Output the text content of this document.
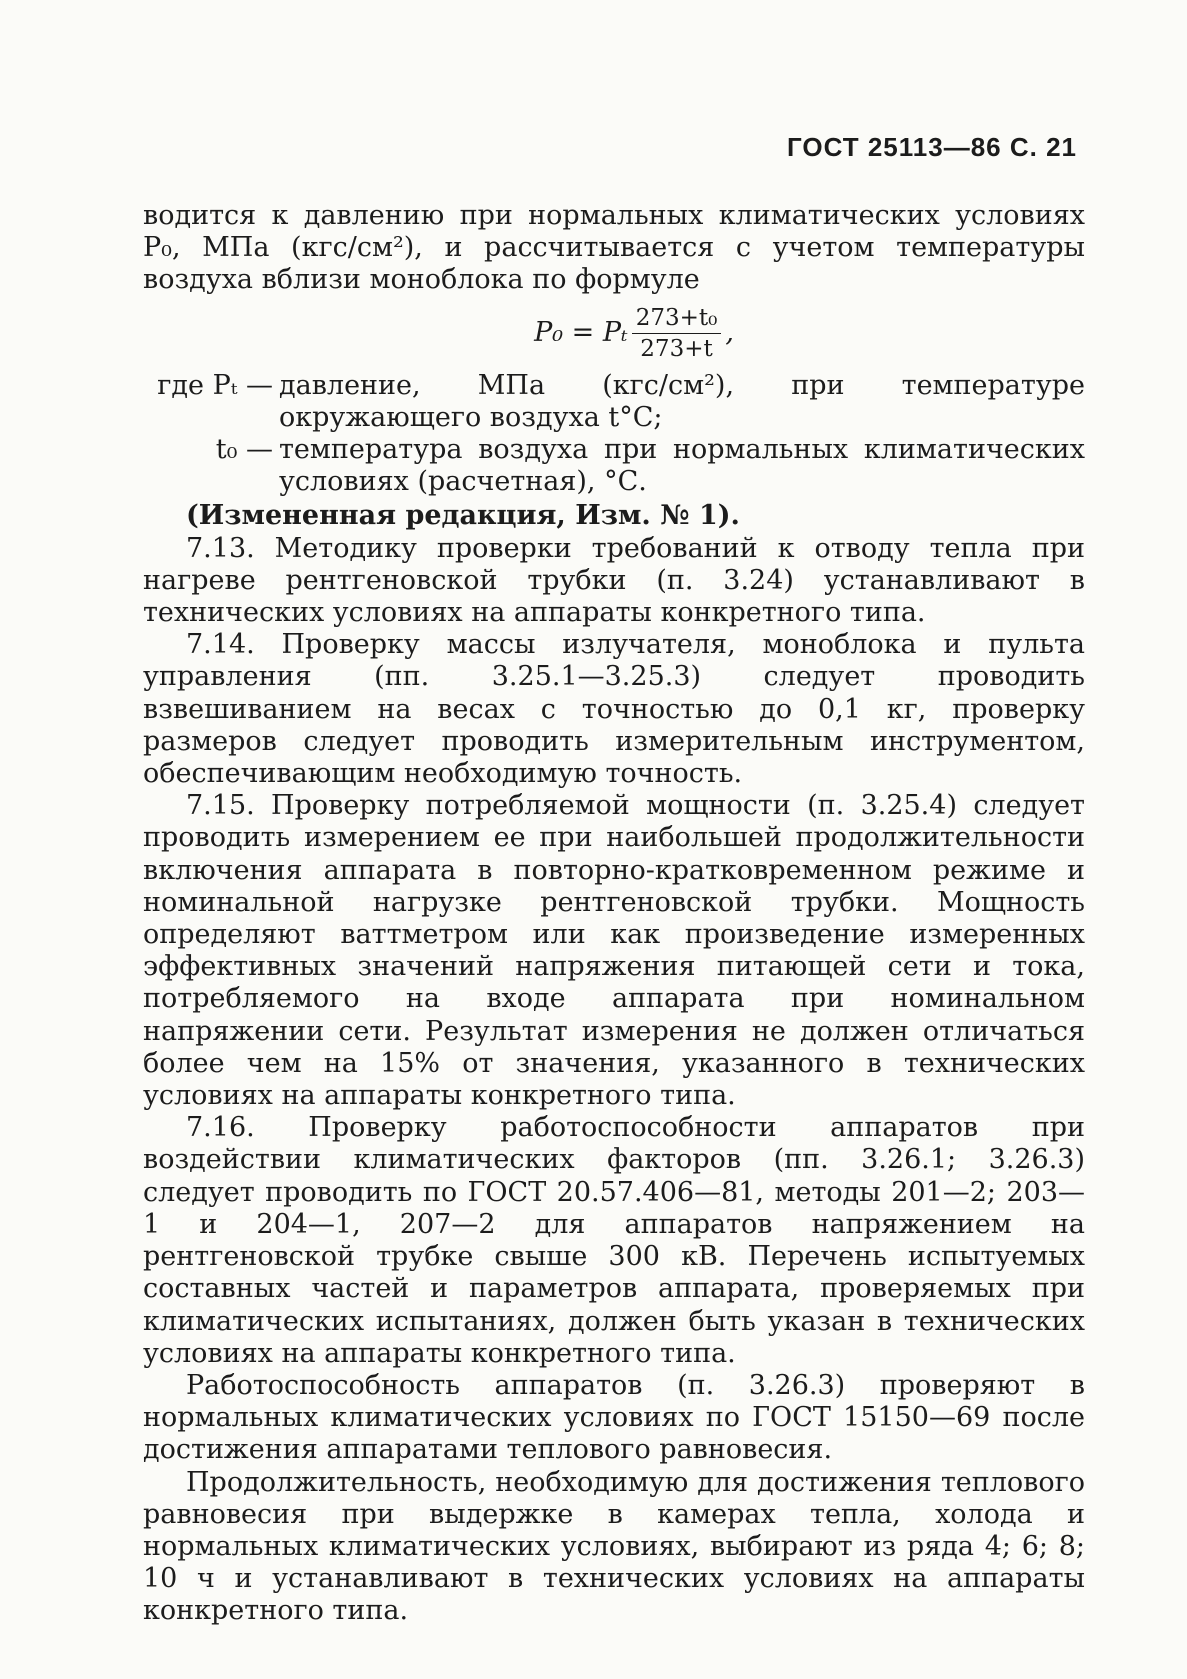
ГОСТ 25113—86 С. 21

водится к давлению при нормальных климатических условиях P₀, МПа (кгс/см²), и рассчитывается с учетом температуры воздуха вблизи моноблока по формуле

P₀ = Pₜ $\frac{\text{273+t₀}}{273+t}$ ,
где Pₜ — давление, МПа (кгс/см²), при температуре окружающего воздуха t°С;
t₀ — температура воздуха при нормальных климатических условиях (расчетная), °С.

(Измененная редакция, Изм. № 1).

7.13. Методику проверки требований к отводу тепла при нагреве рентгеновской трубки (п. 3.24) устанавливают в технических условиях на аппараты конкретного типа.

7.14. Проверку массы излучателя, моноблока и пульта управления (пп. 3.25.1—3.25.3) следует проводить взвешиванием на весах с точностью до 0,1 кг, проверку размеров следует проводить измерительным инструментом, обеспечивающим необходимую точность.

7.15. Проверку потребляемой мощности (п. 3.25.4) следует проводить измерением ее при наибольшей продолжительности включения аппарата в повторно-кратковременном режиме и номинальной нагрузке рентгеновской трубки. Мощность определяют ваттметром или как произведение измеренных эффективных значений напряжения питающей сети и тока, потребляемого на входе аппарата при номинальном напряжении сети. Результат измерения не должен отличаться более чем на 15% от значения, указанного в технических условиях на аппараты конкретного типа.

7.16. Проверку работоспособности аппаратов при воздействии климатических факторов (пп. 3.26.1; 3.26.3) следует проводить по ГОСТ 20.57.406—81, методы 201—2; 203—1 и 204—1, 207—2 для аппаратов напряжением на рентгеновской трубке свыше 300 кВ. Перечень испытуемых составных частей и параметров аппарата, проверяемых при климатических испытаниях, должен быть указан в технических условиях на аппараты конкретного типа.

Работоспособность аппаратов (п. 3.26.3) проверяют в нормальных климатических условиях по ГОСТ 15150—69 после достижения аппаратами теплового равновесия.

Продолжительность, необходимую для достижения теплового равновесия при выдержке в камерах тепла, холода и нормальных климатических условиях, выбирают из ряда 4; 6; 8; 10 ч и устанавливают в технических условиях на аппараты конкретного типа.
